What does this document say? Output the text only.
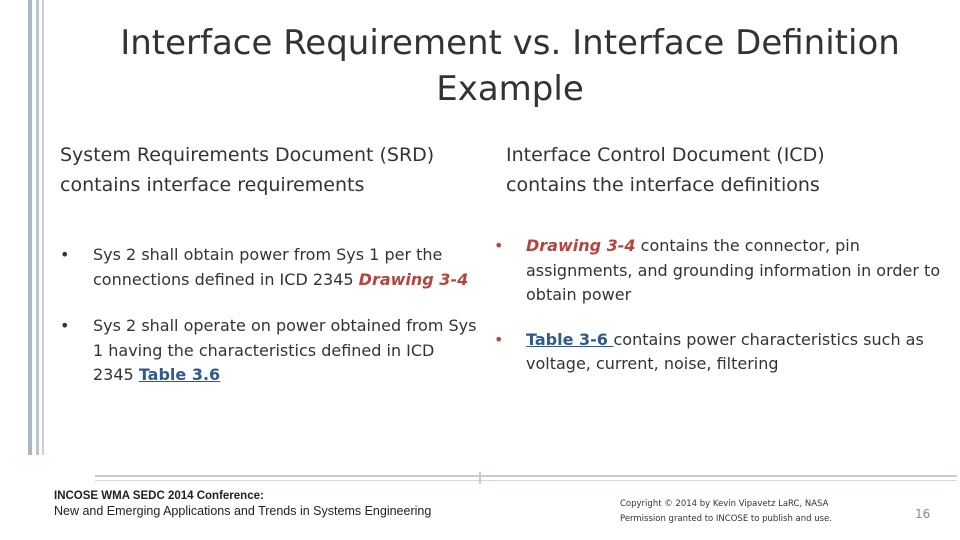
Interface Requirement vs. Interface Definition
Example
System Requirements Document (SRD)
contains interface requirements
Interface Control Document (ICD)
contains the interface definitions
• Sys 2 shall obtain power from Sys 1 per the connections defined in ICD 2345 Drawing 3-4
• Sys 2 shall operate on power obtained from Sys 1 having the characteristics defined in ICD 2345 Table 3.6
• Drawing 3-4 contains the connector, pin assignments, and grounding information in order to obtain power
• Table 3-6 contains power characteristics such as voltage, current, noise, filtering
INCOSE WMA SEDC 2014 Conference:
New and Emerging Applications and Trends in Systems Engineering	Copyright © 2014 by Kevin Vipavetz LaRC, NASA
Permission granted to INCOSE to publish and use.	16
